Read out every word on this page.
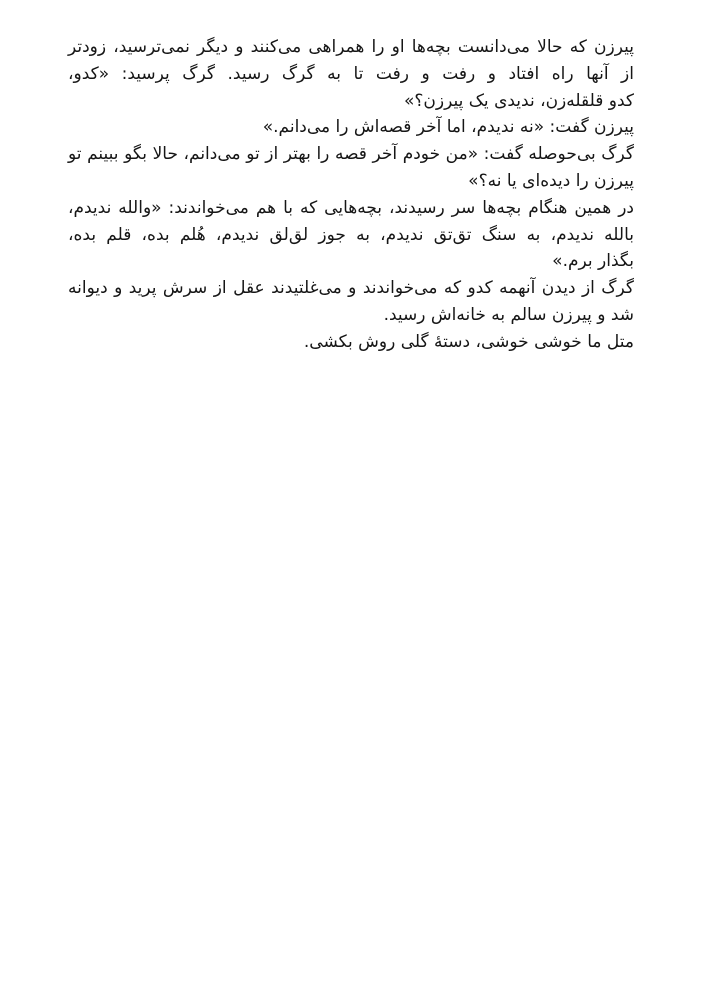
پیرزن که حالا می‌دانست بچه‌ها او را همراهی می‌کنند و دیگر نمی‌ترسید، زودتر
از آنها راه افتاد و رفت و رفت تا به گرگ رسید. گرگ پرسید: «کدو،
کدو قلقله‌زن، ندیدی یک پیرزن؟»
پیرزن گفت: «نه ندیدم، اما آخر قصه‌اش را می‌دانم.»
گرگ بی‌حوصله گفت: «من خودم آخر قصه را بهتر از تو می‌دانم، حالا بگو ببینم تو
پیرزن را دیده‌ای یا نه؟»
در همین هنگام بچه‌ها سر رسیدند، بچه‌هایی که با هم می‌خواندند: «والله ندیدم،
بالله ندیدم، به سنگ تق‌تق ندیدم، به جوز لق‌لق ندیدم، هُلم بده، قلم بده،
بگذار برم.»
گرگ از دیدن آنهمه کدو که می‌خواندند و می‌غلتیدند عقل از سرش پرید و دیوانه
شد و پیرزن سالم به خانه‌اش رسید.
متل ما خوشی خوشی، دستهٔ گلی روش بکشی.
